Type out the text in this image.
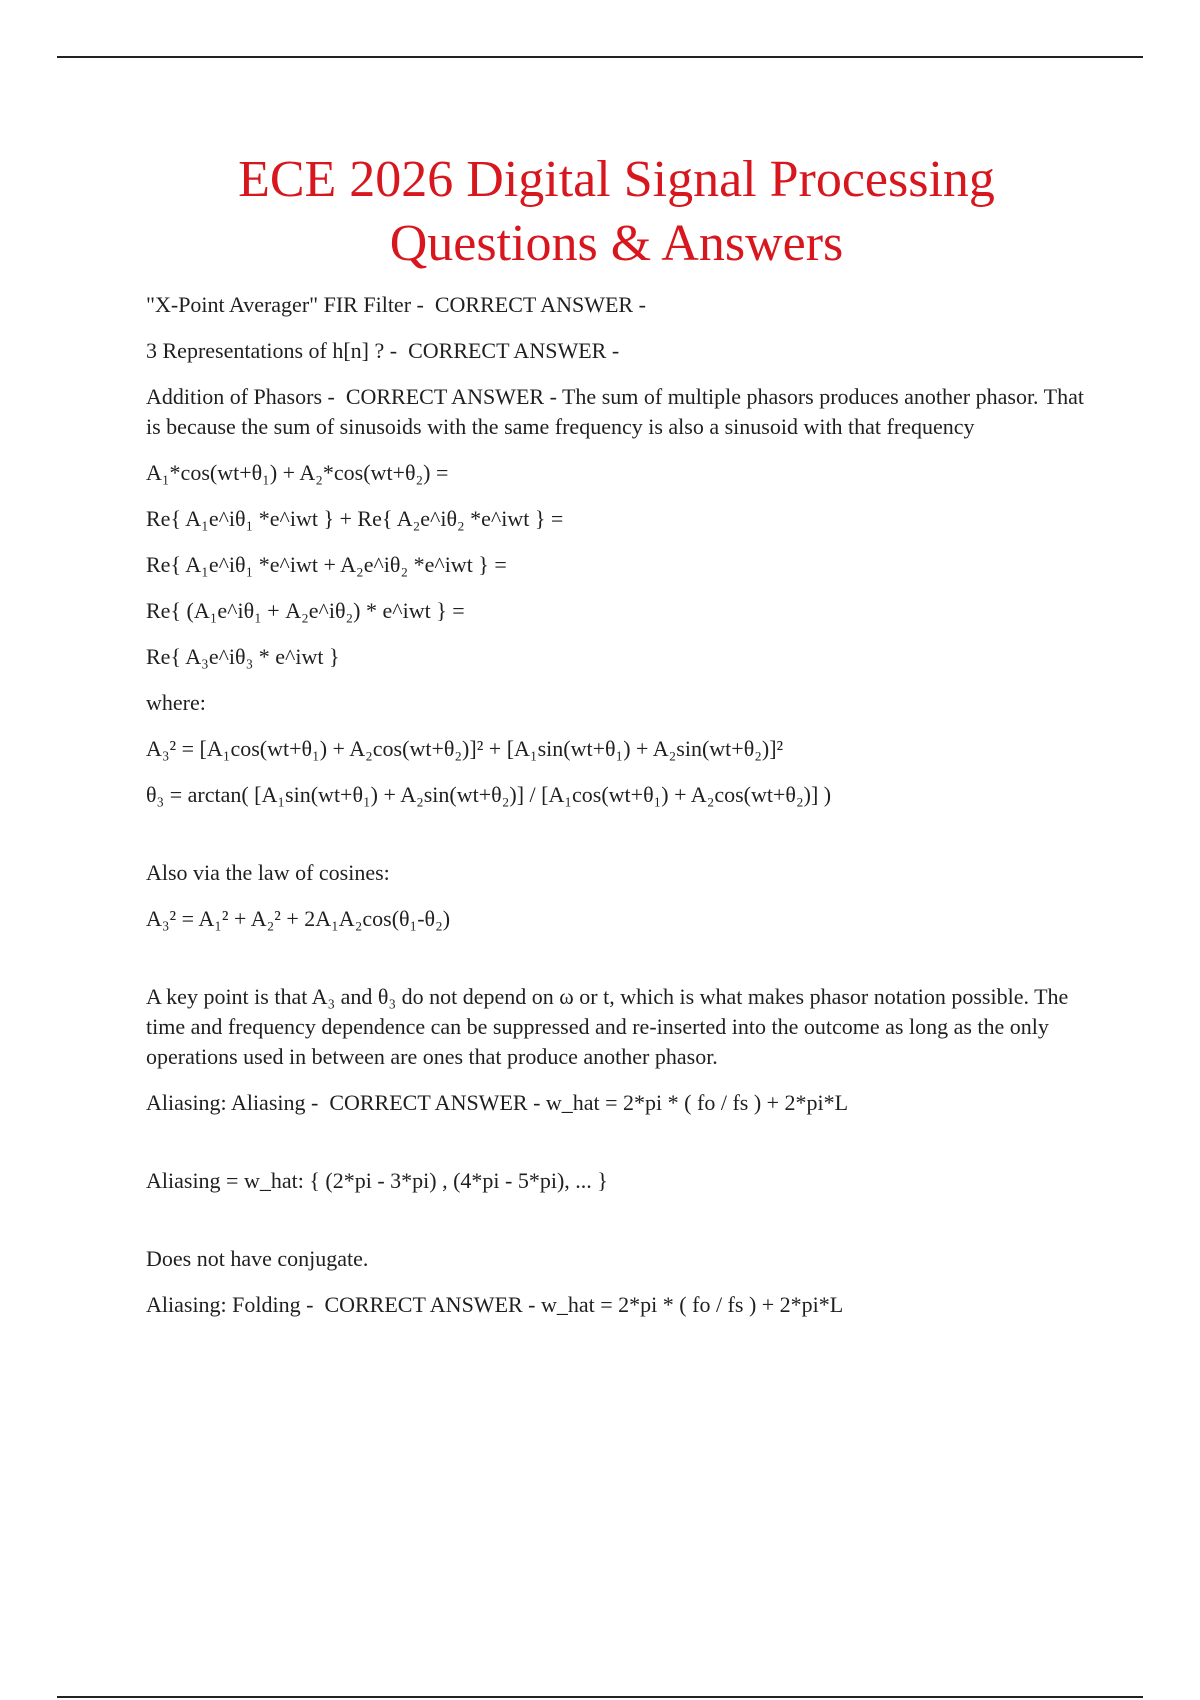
ECE 2026 Digital Signal Processing
Questions & Answers

"X-Point Averager" FIR Filter -  CORRECT ANSWER -

3 Representations of h[n] ? -  CORRECT ANSWER -

Addition of Phasors -  CORRECT ANSWER - The sum of multiple phasors produces another phasor. That is because the sum of sinusoids with the same frequency is also a sinusoid with that frequency

A₁*cos(wt+θ₁) + A₂*cos(wt+θ₂) =

Re{ A₁e^iθ₁ *e^iwt } + Re{ A₂e^iθ₂ *e^iwt } =

Re{ A₁e^iθ₁ *e^iwt + A₂e^iθ₂ *e^iwt } =

Re{ (A₁e^iθ₁ + A₂e^iθ₂) * e^iwt } =

Re{ A₃e^iθ₃ * e^iwt }

where:

A₃² = [A₁cos(wt+θ₁) + A₂cos(wt+θ₂)]² + [A₁sin(wt+θ₁) + A₂sin(wt+θ₂)]²

θ₃ = arctan( [A₁sin(wt+θ₁) + A₂sin(wt+θ₂)] / [A₁cos(wt+θ₁) + A₂cos(wt+θ₂)] )

Also via the law of cosines:

A₃² = A₁² + A₂² + 2A₁A₂cos(θ₁-θ₂)

A key point is that A₃ and θ₃ do not depend on ω or t, which is what makes phasor notation possible. The time and frequency dependence can be suppressed and re-inserted into the outcome as long as the only operations used in between are ones that produce another phasor.

Aliasing: Aliasing -  CORRECT ANSWER - w_hat = 2*pi * ( fo / fs ) + 2*pi*L

Aliasing = w_hat: { (2*pi - 3*pi) , (4*pi - 5*pi), ... }

Does not have conjugate.

Aliasing: Folding -  CORRECT ANSWER - w_hat = 2*pi * ( fo / fs ) + 2*pi*L
